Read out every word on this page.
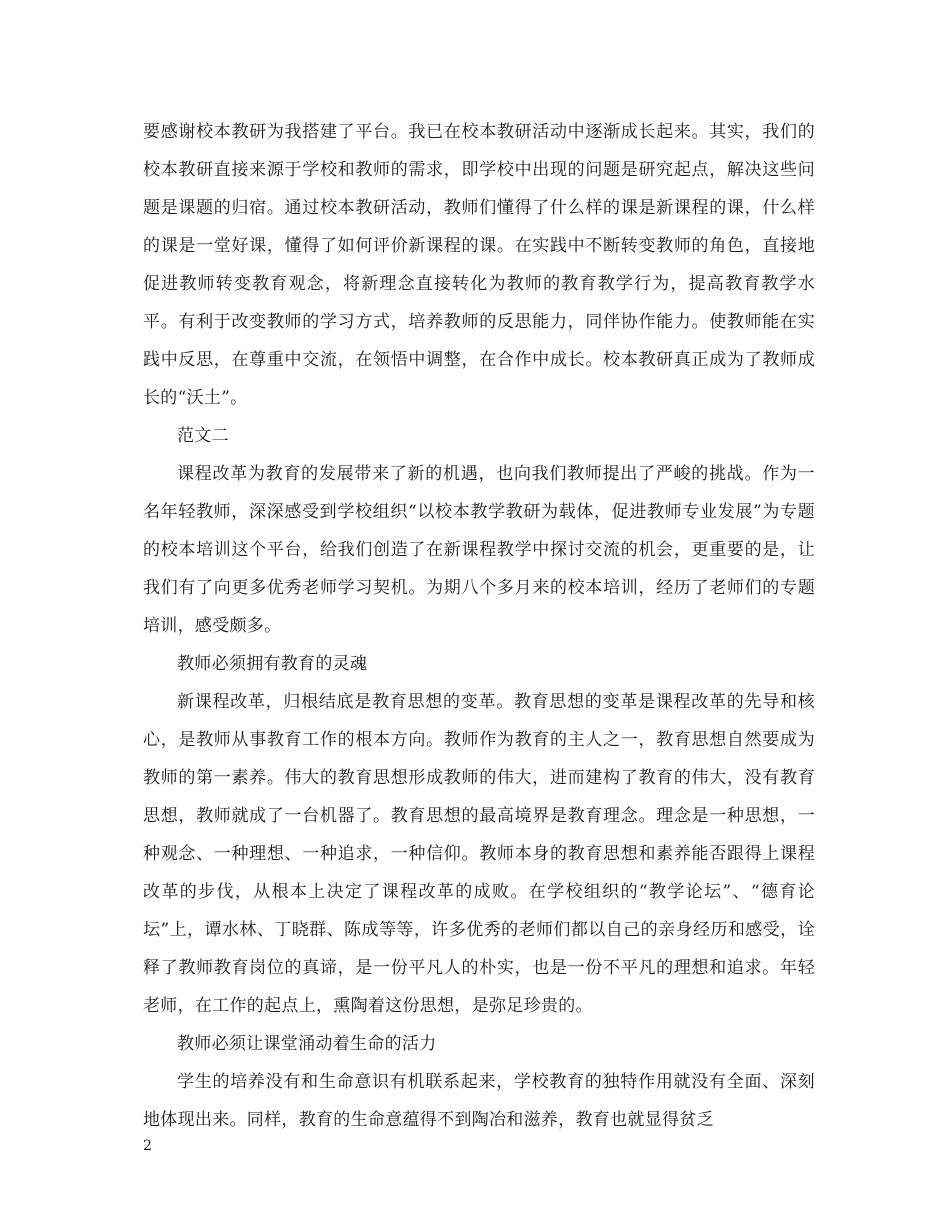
要感谢校本教研为我搭建了平台。我已在校本教研活动中逐渐成长起来。其实，我们的校本教研直接来源于学校和教师的需求，即学校中出现的问题是研究起点，解决这些问题是课题的归宿。通过校本教研活动，教师们懂得了什么样的课是新课程的课，什么样的课是一堂好课，懂得了如何评价新课程的课。在实践中不断转变教师的角色，直接地促进教师转变教育观念，将新理念直接转化为教师的教育教学行为，提高教育教学水平。有利于改变教师的学习方式，培养教师的反思能力，同伴协作能力。使教师能在实践中反思，在尊重中交流，在领悟中调整，在合作中成长。校本教研真正成为了教师成长的“沃土”。

范文二

课程改革为教育的发展带来了新的机遇，也向我们教师提出了严峻的挑战。作为一名年轻教师，深深感受到学校组织“以校本教学教研为载体，促进教师专业发展”为专题的校本培训这个平台，给我们创造了在新课程教学中探讨交流的机会，更重要的是，让我们有了向更多优秀老师学习契机。为期八个多月来的校本培训，经历了老师们的专题培训，感受颇多。

教师必须拥有教育的灵魂

新课程改革，归根结底是教育思想的变革。教育思想的变革是课程改革的先导和核心，是教师从事教育工作的根本方向。教师作为教育的主人之一，教育思想自然要成为教师的第一素养。伟大的教育思想形成教师的伟大，进而建构了教育的伟大，没有教育思想，教师就成了一台机器了。教育思想的最高境界是教育理念。理念是一种思想，一种观念、一种理想、一种追求，一种信仰。教师本身的教育思想和素养能否跟得上课程改革的步伐，从根本上决定了课程改革的成败。在学校组织的“教学论坛”、“德育论坛”上，谭水林、丁晓群、陈成等等，许多优秀的老师们都以自己的亲身经历和感受，诠释了教师教育岗位的真谛，是一份平凡人的朴实，也是一份不平凡的理想和追求。年轻老师，在工作的起点上，熏陶着这份思想，是弥足珍贵的。

教师必须让课堂涌动着生命的活力

学生的培养没有和生命意识有机联系起来，学校教育的独特作用就没有全面、深刻地体现出来。同样，教育的生命意蕴得不到陶冶和滋养，教育也就显得贫乏

2
